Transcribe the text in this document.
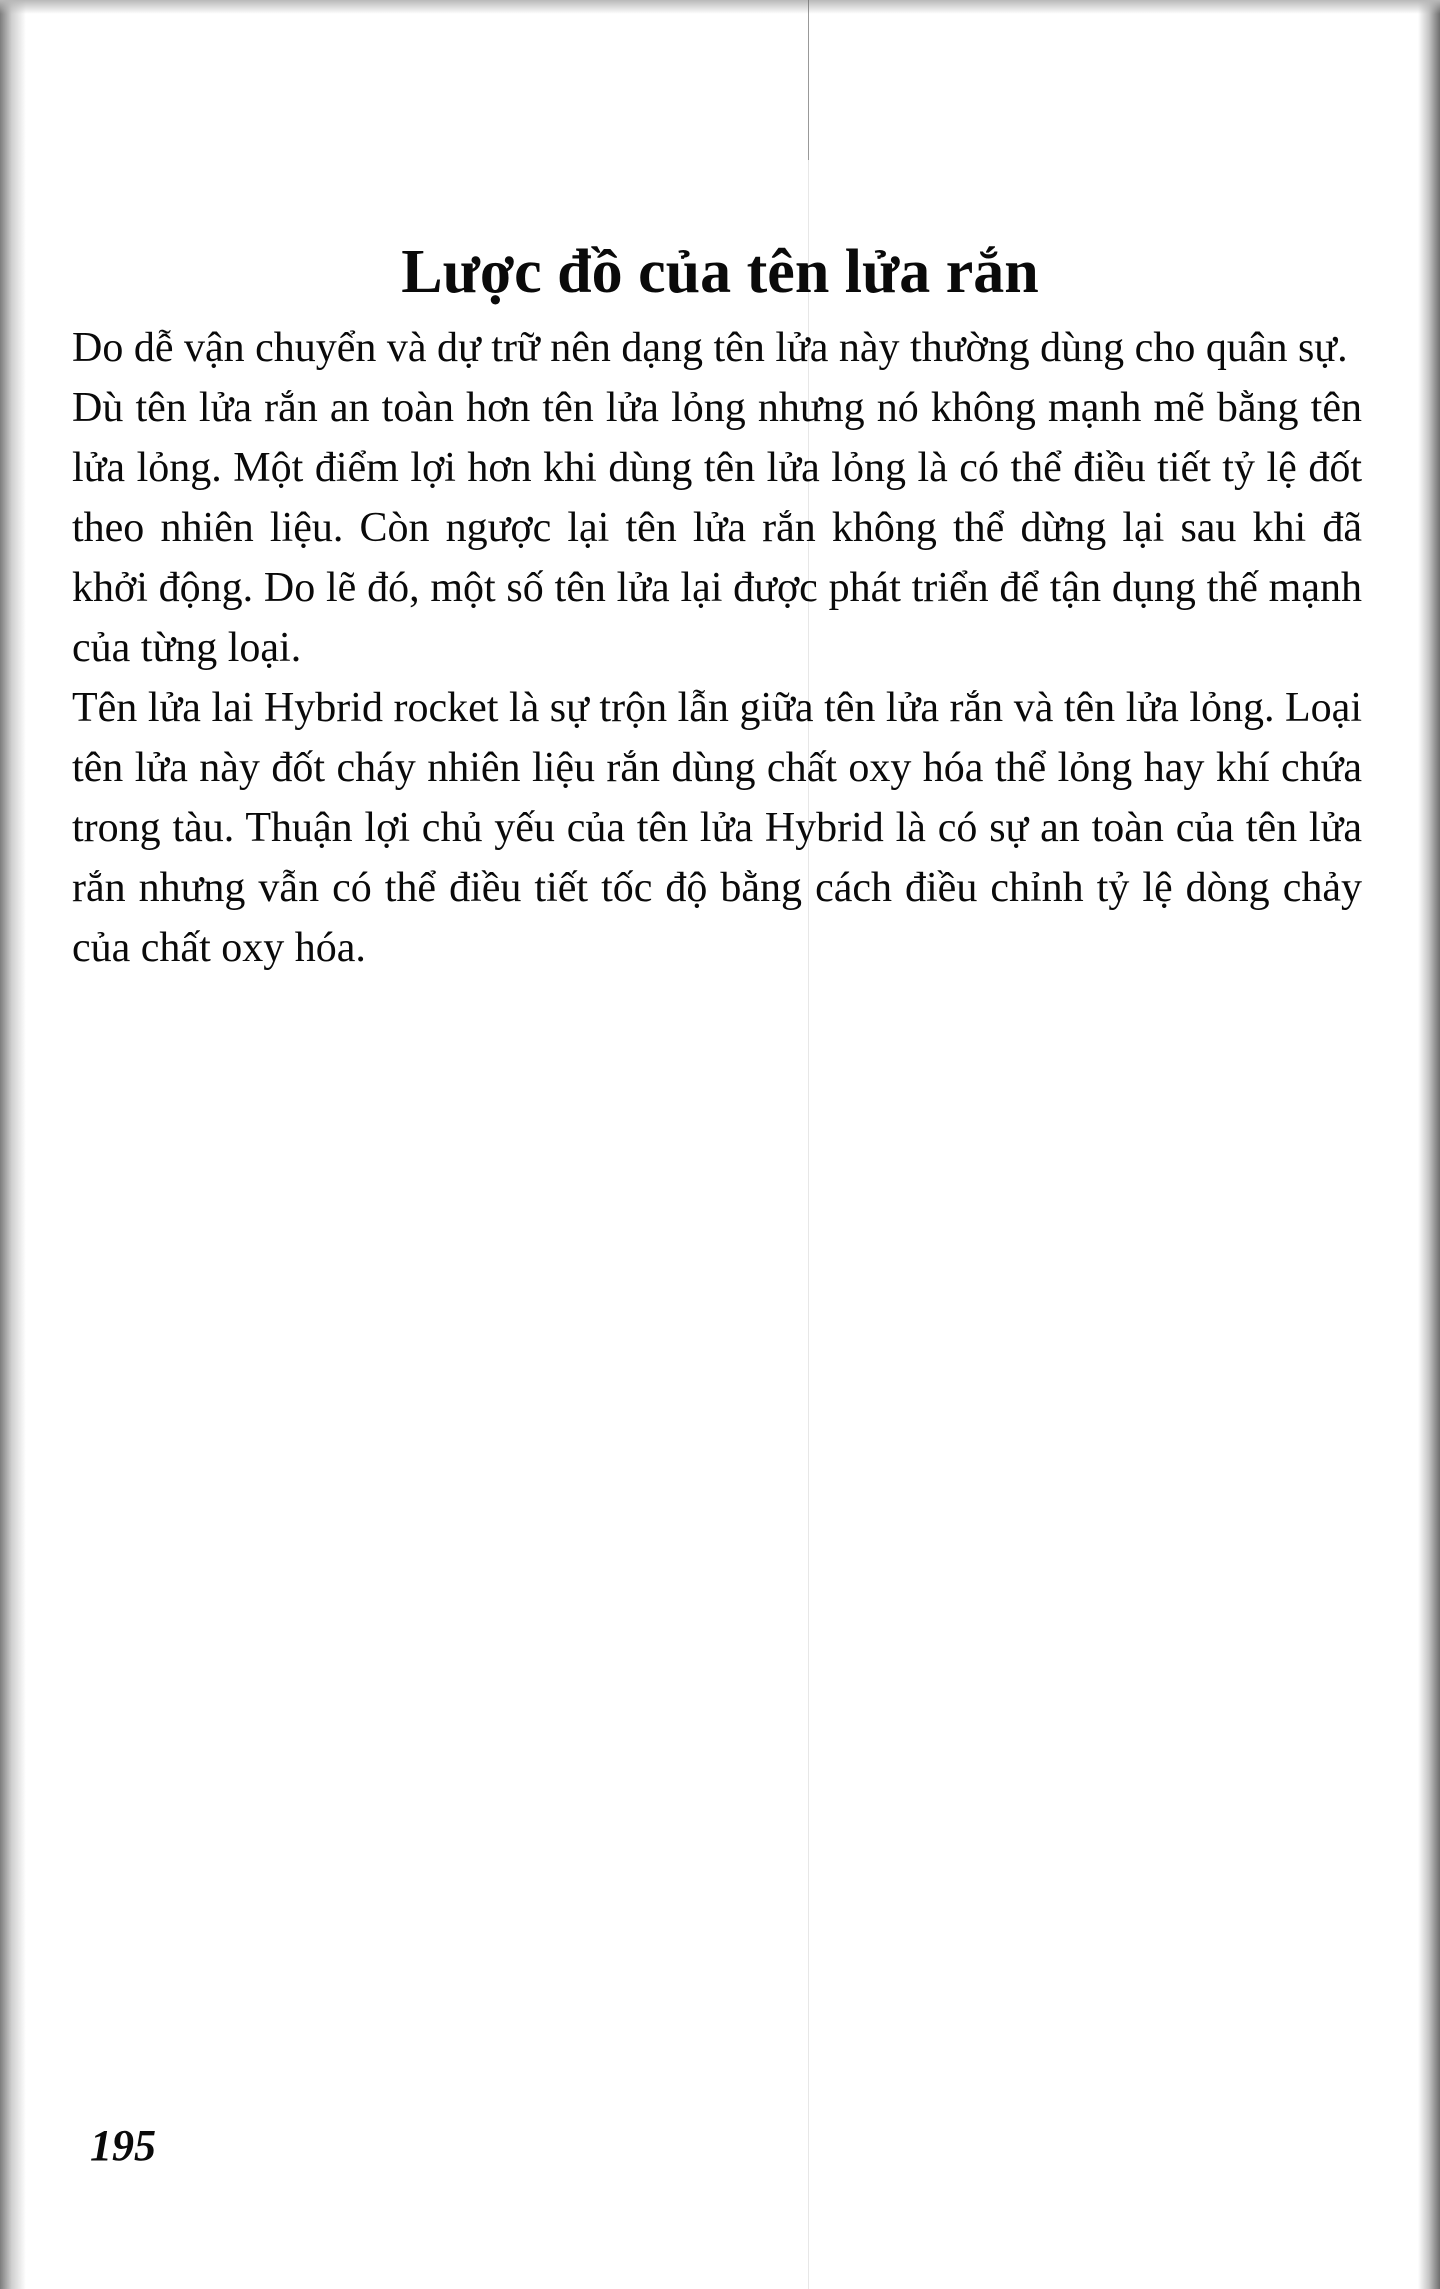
Lược đồ của tên lửa rắn

Do dễ vận chuyển và dự trữ nên dạng tên lửa này thường dùng cho quân sự.

Dù tên lửa rắn an toàn hơn tên lửa lỏng nhưng nó không mạnh mẽ bằng tên lửa lỏng. Một điểm lợi hơn khi dùng tên lửa lỏng là có thể điều tiết tỷ lệ đốt theo nhiên liệu. Còn ngược lại tên lửa rắn không thể dừng lại sau khi đã khởi động. Do lẽ đó, một số tên lửa lại được phát triển để tận dụng thế mạnh của từng loại.

Tên lửa lai Hybrid rocket là sự trộn lẫn giữa tên lửa rắn và tên lửa lỏng. Loại tên lửa này đốt cháy nhiên liệu rắn dùng chất oxy hóa thể lỏng hay khí chứa trong tàu. Thuận lợi chủ yếu của tên lửa Hybrid là có sự an toàn của tên lửa rắn nhưng vẫn có thể điều tiết tốc độ bằng cách điều chỉnh tỷ lệ dòng chảy của chất oxy hóa.

195
